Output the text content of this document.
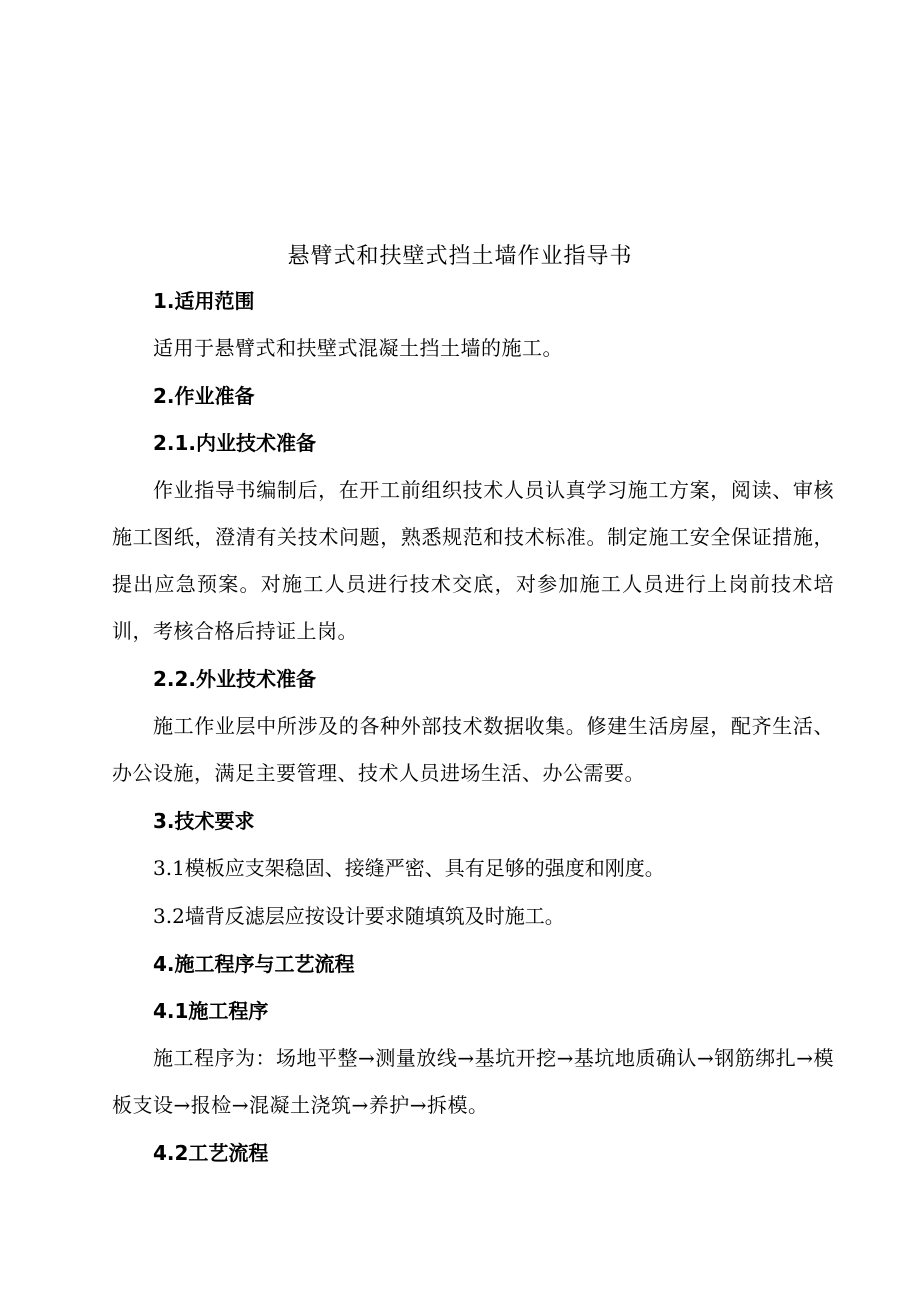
悬臂式和扶壁式挡土墙作业指导书
1.适用范围
适用于悬臂式和扶壁式混凝土挡土墙的施工。
2.作业准备
2.1.内业技术准备
作业指导书编制后，在开工前组织技术人员认真学习施工方案，阅读、审核施工图纸，澄清有关技术问题，熟悉规范和技术标准。制定施工安全保证措施，提出应急预案。对施工人员进行技术交底，对参加施工人员进行上岗前技术培训，考核合格后持证上岗。
2.2.外业技术准备
施工作业层中所涉及的各种外部技术数据收集。修建生活房屋，配齐生活、办公设施，满足主要管理、技术人员进场生活、办公需要。
3.技术要求
3.1模板应支架稳固、接缝严密、具有足够的强度和刚度。
3.2墙背反滤层应按设计要求随填筑及时施工。
4.施工程序与工艺流程
4.1施工程序
施工程序为：场地平整→测量放线→基坑开挖→基坑地质确认→钢筋绑扎→模板支设→报检→混凝土浇筑→养护→拆模。
4.2工艺流程
